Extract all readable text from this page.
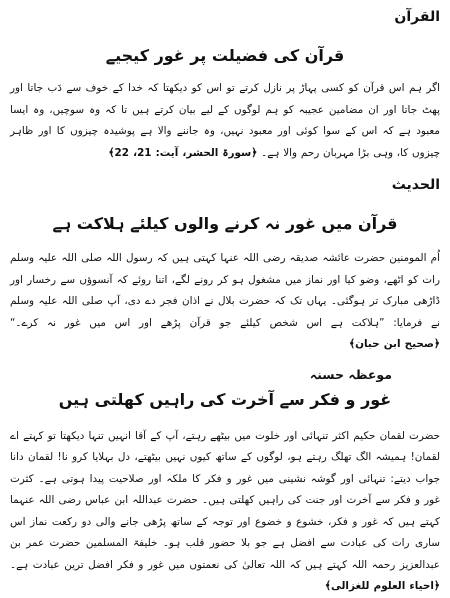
القرآن

قرآن کی فضیلت پر غور کیجیے

اگر ہم اس قرآن کو کسی پہاڑ پر نازل کرتے تو اس کو دیکھتا کہ خدا کے خوف سے دَب جاتا اور پھٹ جاتا اور ان مضامین عجیبہ کو ہم لوگوں کے لیے بیان کرتے ہیں تا کہ وہ سوچیں، وہ ایسا معبود ہے کہ اس کے سوا کوئی اور معبود نہیں، وہ جاننے والا ہے پوشیدہ چیزوں کا اور ظاہر چیزوں کا، وہی بڑا مہربان رحم والا ہے۔ ﴿سورۃ الحشر، آیت: 21، 22﴾

الحدیث

قرآن میں غور نہ کرنے والوں کیلئے ہلاکت ہے

اُم المومنین حضرت عائشہ صدیقہ رضی اللہ عنہا کہتی ہیں کہ رسول اللہ صلی اللہ علیہ وسلم رات کو اٹھے، وضو کیا اور نماز میں مشغول ہو کر رونے لگے، اتنا روئے کہ آنسوؤں سے رخسار اور ڈاڑھی مبارک تر ہوگئی۔ یہاں تک کہ حضرت بلال نے اذان فجر دے دی، آپ صلی اللہ علیہ وسلم نے فرمایا: ”ہلاکت ہے اس شخص کیلئے جو قرآن پڑھے اور اس میں غور نہ کرے۔“ ﴿صحیح ابن حبان﴾

موعظہ حسنہ

غور و فکر سے آخرت کی راہیں کھلتی ہیں

حضرت لقمان حکیم اکثر تنہائی اور خلوت میں بیٹھے رہتے، آپ کے آقا انہیں تنہا دیکھتا تو کہتے اے لقمان! ہمیشہ الگ تھلگ رہتے ہو، لوگوں کے ساتھ کیوں نہیں بیٹھتے، دل بہلایا کرو نا! لقمان دانا جواب دیتے: تنہائی اور گوشہ نشینی میں غور و فکر کا ملکہ اور صلاحیت پیدا ہوتی ہے۔ کثرت غور و فکر سے آخرت اور جنت کی راہیں کھلتی ہیں۔ حضرت عبداللہ ابن عباس رضی اللہ عنہما کہتے ہیں کہ غور و فکر، خشوع و خضوع اور توجہ کے ساتھ پڑھی جانے والی دو رکعت نماز اس ساری رات کی عبادت سے افضل ہے جو بلا حضور قلب ہو۔ خلیفۃ المسلمین حضرت عمر بن عبدالعزیز رحمہ اللہ کہتے ہیں کہ اللہ تعالیٰ کی نعمتوں میں غور و فکر افضل ترین عبادت ہے۔ ﴿احیاء العلوم للغزالی﴾
